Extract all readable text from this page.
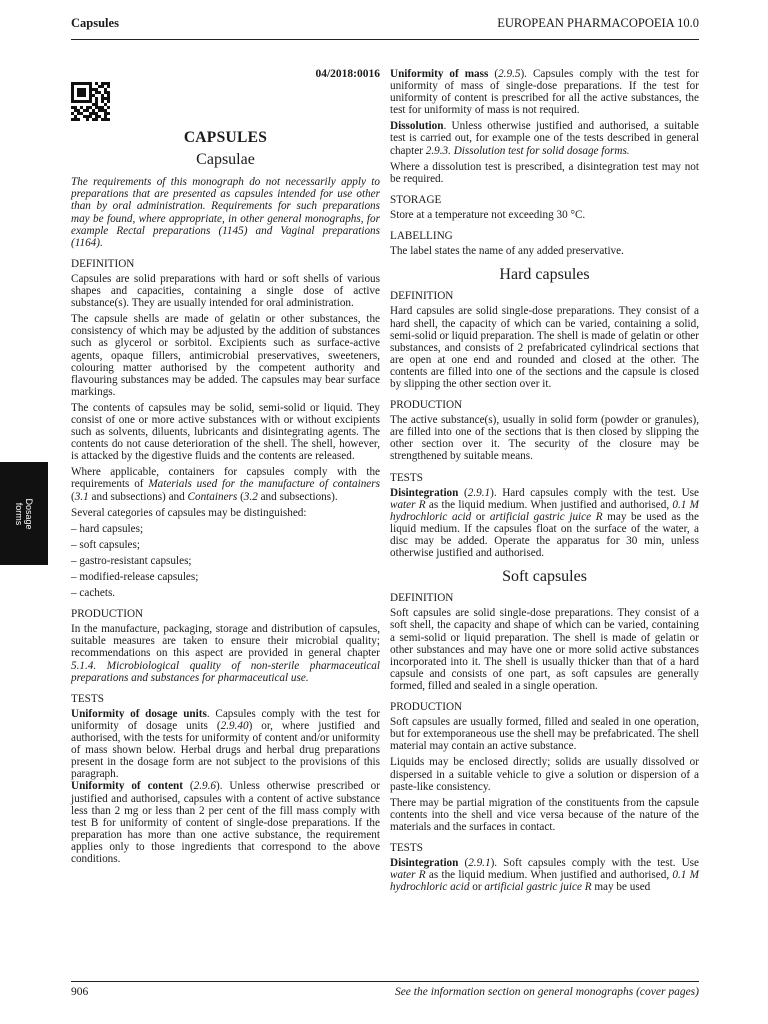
Capsules	EUROPEAN PHARMACOPOEIA 10.0
Dosage
forms

04/2018:0016

CAPSULES

Capsulae

The requirements of this monograph do not necessarily apply to preparations that are presented as capsules intended for use other than by oral administration. Requirements for such preparations may be found, where appropriate, in other general monographs, for example Rectal preparations (1145) and Vaginal preparations (1164).

DEFINITION

Capsules are solid preparations with hard or soft shells of various shapes and capacities, containing a single dose of active substance(s). They are usually intended for oral administration.

The capsule shells are made of gelatin or other substances, the consistency of which may be adjusted by the addition of substances such as glycerol or sorbitol. Excipients such as surface-active agents, opaque fillers, antimicrobial preservatives, sweeteners, colouring matter authorised by the competent authority and flavouring substances may be added. The capsules may bear surface markings.

The contents of capsules may be solid, semi-solid or liquid. They consist of one or more active substances with or without excipients such as solvents, diluents, lubricants and disintegrating agents. The contents do not cause deterioration of the shell. The shell, however, is attacked by the digestive fluids and the contents are released.

Where applicable, containers for capsules comply with the requirements of Materials used for the manufacture of containers (3.1 and subsections) and Containers (3.2 and subsections).

Several categories of capsules may be distinguished:

– hard capsules;

– soft capsules;

– gastro-resistant capsules;

– modified-release capsules;

– cachets.

PRODUCTION

In the manufacture, packaging, storage and distribution of capsules, suitable measures are taken to ensure their microbial quality; recommendations on this aspect are provided in general chapter 5.1.4. Microbiological quality of non-sterile pharmaceutical preparations and substances for pharmaceutical use.

TESTS

Uniformity of dosage units. Capsules comply with the test for uniformity of dosage units (2.9.40) or, where justified and authorised, with the tests for uniformity of content and/or uniformity of mass shown below. Herbal drugs and herbal drug preparations present in the dosage form are not subject to the provisions of this paragraph.

Uniformity of content (2.9.6). Unless otherwise prescribed or justified and authorised, capsules with a content of active substance less than 2 mg or less than 2 per cent of the fill mass comply with test B for uniformity of content of single-dose preparations. If the preparation has more than one active substance, the requirement applies only to those ingredients that correspond to the above conditions.

Uniformity of mass (2.9.5). Capsules comply with the test for uniformity of mass of single-dose preparations. If the test for uniformity of content is prescribed for all the active substances, the test for uniformity of mass is not required.

Dissolution. Unless otherwise justified and authorised, a suitable test is carried out, for example one of the tests described in general chapter 2.9.3. Dissolution test for solid dosage forms.

Where a dissolution test is prescribed, a disintegration test may not be required.

STORAGE

Store at a temperature not exceeding 30 °C.

LABELLING

The label states the name of any added preservative.

Hard capsules

DEFINITION

Hard capsules are solid single-dose preparations. They consist of a hard shell, the capacity of which can be varied, containing a solid, semi-solid or liquid preparation. The shell is made of gelatin or other substances, and consists of 2 prefabricated cylindrical sections that are open at one end and rounded and closed at the other. The contents are filled into one of the sections and the capsule is closed by slipping the other section over it.

PRODUCTION

The active substance(s), usually in solid form (powder or granules), are filled into one of the sections that is then closed by slipping the other section over it. The security of the closure may be strengthened by suitable means.

TESTS

Disintegration (2.9.1). Hard capsules comply with the test. Use water R as the liquid medium. When justified and authorised, 0.1 M hydrochloric acid or artificial gastric juice R may be used as the liquid medium. If the capsules float on the surface of the water, a disc may be added. Operate the apparatus for 30 min, unless otherwise justified and authorised.

Soft capsules

DEFINITION

Soft capsules are solid single-dose preparations. They consist of a soft shell, the capacity and shape of which can be varied, containing a semi-solid or liquid preparation. The shell is made of gelatin or other substances and may have one or more solid active substances incorporated into it. The shell is usually thicker than that of a hard capsule and consists of one part, as soft capsules are generally formed, filled and sealed in a single operation.

PRODUCTION

Soft capsules are usually formed, filled and sealed in one operation, but for extemporaneous use the shell may be prefabricated. The shell material may contain an active substance.

Liquids may be enclosed directly; solids are usually dissolved or dispersed in a suitable vehicle to give a solution or dispersion of a paste-like consistency.

There may be partial migration of the constituents from the capsule contents into the shell and vice versa because of the nature of the materials and the surfaces in contact.

TESTS

Disintegration (2.9.1). Soft capsules comply with the test. Use water R as the liquid medium. When justified and authorised, 0.1 M hydrochloric acid or artificial gastric juice R may be used

906	See the information section on general monographs (cover pages)
